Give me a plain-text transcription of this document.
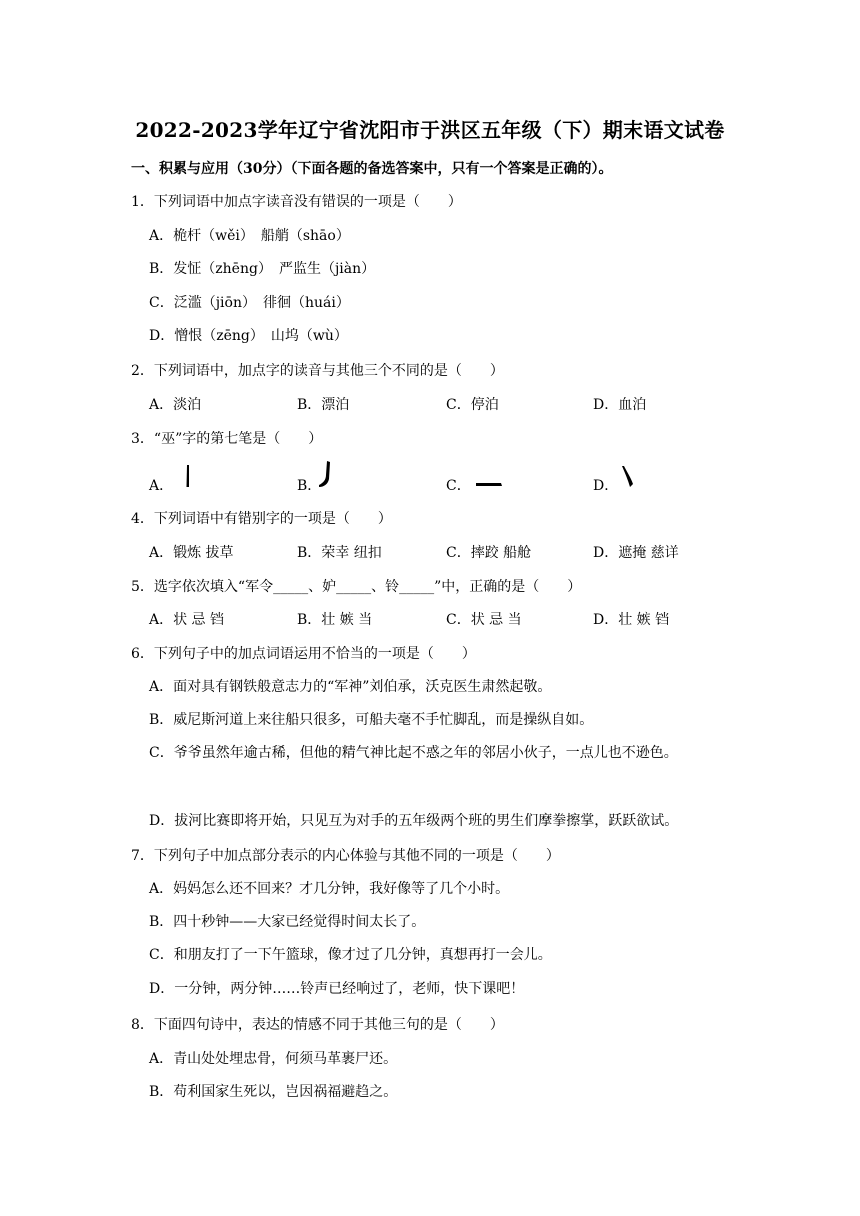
2022-2023学年辽宁省沈阳市于洪区五年级（下）期末语文试卷
一、积累与应用（30分）（下面各题的备选答案中，只有一个答案是正确的）。
1．下列词语中加点字读音没有错误的一项是（　　）
A．桅杆（wěi）　船艄（shāo）
B．发怔（zhēng）　严监生（jiàn）
C．泛滥（jiōn）　徘徊（huái）
D．憎恨（zēng）　山坞（wù）
2．下列词语中，加点字的读音与其他三个不同的是（　　）
A．淡泊	B．漂泊	C．停泊	D．血泊
3．“巫”字的第七笔是（　　）
A．	B．	C．	D．
4．下列词语中有错别字的一项是（　　）
A．锻炼 拔草	B．荣幸 纽扣	C．摔跤 船舱	D．遮掩 慈详
5．选字依次填入“军令_____、妒_____、铃_____”中，正确的是（　　）
A．状 忌 铛	B．壮 嫉 当	C．状 忌 当	D．壮 嫉 铛
6．下列句子中的加点词语运用不恰当的一项是（　　）
A．面对具有钢铁般意志力的“军神”刘伯承，沃克医生肃然起敬。
B．威尼斯河道上来往船只很多，可船夫毫不手忙脚乱，而是操纵自如。
C．爷爷虽然年逾古稀，但他的精气神比起不惑之年的邻居小伙子，一点儿也不逊色。
D．拔河比赛即将开始，只见互为对手的五年级两个班的男生们摩拳擦掌，跃跃欲试。
7．下列句子中加点部分表示的内心体验与其他不同的一项是（　　）
A．妈妈怎么还不回来？才几分钟，我好像等了几个小时。
B．四十秒钟——大家已经觉得时间太长了。
C．和朋友打了一下午篮球，像才过了几分钟，真想再打一会儿。
D．一分钟，两分钟……铃声已经响过了，老师，快下课吧！
8．下面四句诗中，表达的情感不同于其他三句的是（　　）
A．青山处处埋忠骨，何须马革裹尸还。
B．苟利国家生死以，岂因祸福避趋之。
